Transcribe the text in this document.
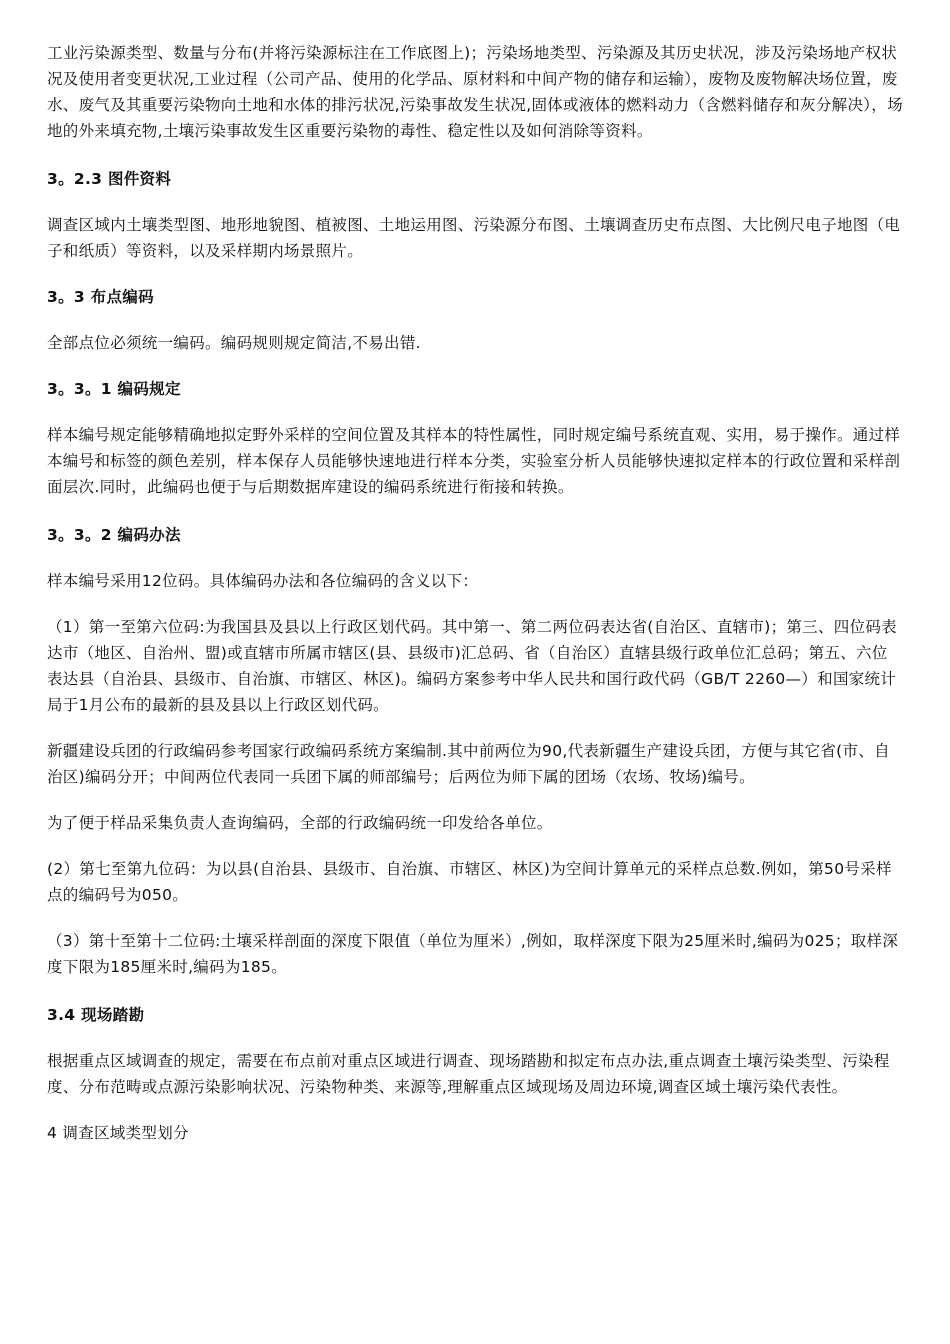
工业污染源类型、数量与分布(并将污染源标注在工作底图上)；污染场地类型、污染源及其历史状况，涉及污染场地产权状况及使用者变更状况,工业过程（公司产品、使用的化学品、原材料和中间产物的储存和运输），废物及废物解决场位置，废水、废气及其重要污染物向土地和水体的排污状况,污染事故发生状况,固体或液体的燃料动力（含燃料储存和灰分解决），场地的外来填充物,土壤污染事故发生区重要污染物的毒性、稳定性以及如何消除等资料。

3。2.3 图件资料

调查区域内土壤类型图、地形地貌图、植被图、土地运用图、污染源分布图、土壤调查历史布点图、大比例尺电子地图（电子和纸质）等资料，以及采样期内场景照片。

3。3 布点编码

全部点位必须统一编码。编码规则规定简洁,不易出错.

3。3。1 编码规定

样本编号规定能够精确地拟定野外采样的空间位置及其样本的特性属性，同时规定编号系统直观、实用，易于操作。通过样本编号和标签的颜色差别，样本保存人员能够快速地进行样本分类，实验室分析人员能够快速拟定样本的行政位置和采样剖面层次.同时，此编码也便于与后期数据库建设的编码系统进行衔接和转换。

3。3。2 编码办法

样本编号采用12位码。具体编码办法和各位编码的含义以下：

（1）第一至第六位码:为我国县及县以上行政区划代码。其中第一、第二两位码表达省(自治区、直辖市)；第三、四位码表达市（地区、自治州、盟)或直辖市所属市辖区(县、县级市)汇总码、省（自治区）直辖县级行政单位汇总码；第五、六位表达县（自治县、县级市、自治旗、市辖区、林区)。编码方案参考中华人民共和国行政代码（GB/T 2260—）和国家统计局于1月公布的最新的县及县以上行政区划代码。

新疆建设兵团的行政编码参考国家行政编码系统方案编制.其中前两位为90,代表新疆生产建设兵团，方便与其它省(市、自治区)编码分开；中间两位代表同一兵团下属的师部编号；后两位为师下属的团场（农场、牧场)编号。

为了便于样品采集负责人查询编码，全部的行政编码统一印发给各单位。

(2）第七至第九位码：为以县(自治县、县级市、自治旗、市辖区、林区)为空间计算单元的采样点总数.例如，第50号采样点的编码号为050。

（3）第十至第十二位码:土壤采样剖面的深度下限值（单位为厘米）,例如，取样深度下限为25厘米时,编码为025；取样深度下限为185厘米时,编码为185。

3.4 现场踏勘

根据重点区域调查的规定，需要在布点前对重点区域进行调查、现场踏勘和拟定布点办法,重点调查土壤污染类型、污染程度、分布范畴或点源污染影响状况、污染物种类、来源等,理解重点区域现场及周边环境,调查区域土壤污染代表性。

4 调查区域类型划分
